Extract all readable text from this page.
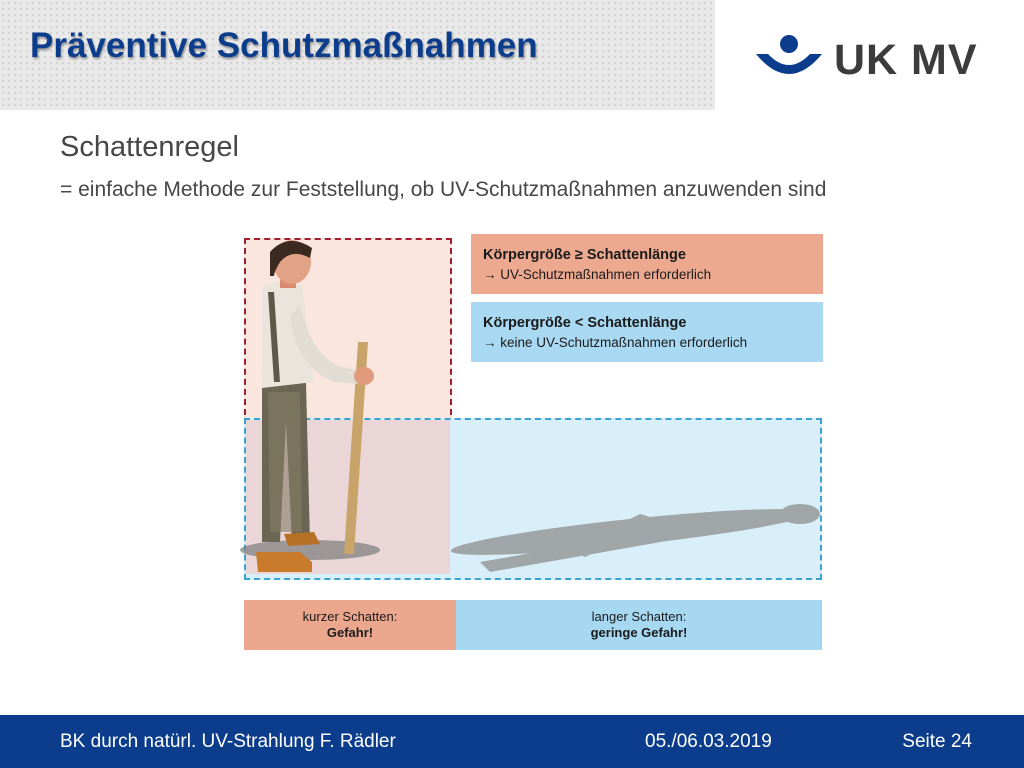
Präventive Schutzmaßnahmen	UK MV
Schattenregel
= einfache Methode zur Feststellung, ob UV-Schutzmaßnahmen anzuwenden sind
Körpergröße ≥ Schattenlänge
→ UV-Schutzmaßnahmen erforderlich
Körpergröße < Schattenlänge
→ keine UV-Schutzmaßnahmen erforderlich
kurzer Schatten:
Gefahr!
langer Schatten:
geringe Gefahr!
BK durch natürl. UV-Strahlung F. Rädler	05./06.03.2019	Seite 24
